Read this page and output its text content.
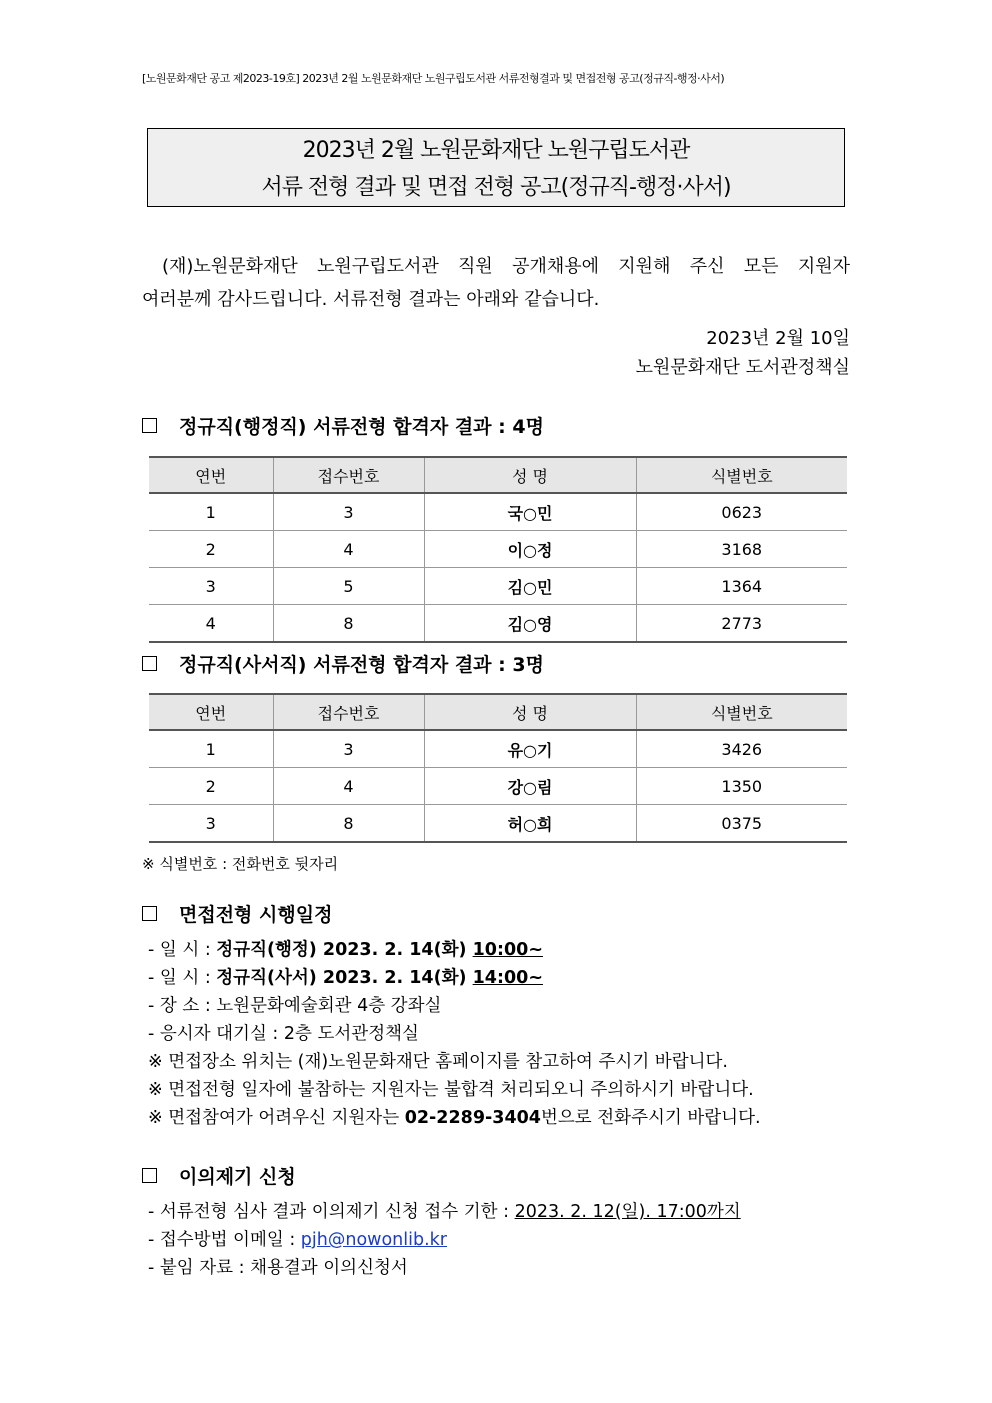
[노원문화재단 공고 제2023-19호] 2023년 2월 노원문화재단 노원구립도서관 서류전형결과 및 면접전형 공고(정규직-행정·사서)
2023년 2월 노원문화재단 노원구립도서관
서류 전형 결과 및 면접 전형 공고(정규직-행정·사서)

(재)노원문화재단 노원구립도서관 직원 공개채용에 지원해 주신 모든 지원자

여러분께 감사드립니다. 서류전형 결과는 아래와 같습니다.

2023년 2월 10일
노원문화재단 도서관정책실
정규직(행정직) 서류전형 합격자 결과 : 4명
연번	접수번호	성 명	식별번호
1	3	국○민	0623
2	4	이○정	3168
3	5	김○민	1364
4	8	김○영	2773
정규직(사서직) 서류전형 합격자 결과 : 3명
연번	접수번호	성 명	식별번호
1	3	유○기	3426
2	4	강○림	1350
3	8	허○희	0375
※ 식별번호 : 전화번호 뒷자리
면접전형 시행일정
- 일 시 : 정규직(행정) 2023. 2. 14(화) 10:00~
- 일 시 : 정규직(사서) 2023. 2. 14(화) 14:00~
- 장 소 : 노원문화예술회관 4층 강좌실
- 응시자 대기실 : 2층 도서관정책실
※ 면접장소 위치는 (재)노원문화재단 홈페이지를 참고하여 주시기 바랍니다.
※ 면접전형 일자에 불참하는 지원자는 불합격 처리되오니 주의하시기 바랍니다.
※ 면접참여가 어려우신 지원자는 02-2289-3404번으로 전화주시기 바랍니다.
이의제기 신청
- 서류전형 심사 결과 이의제기 신청 접수 기한 : 2023. 2. 12(일). 17:00까지
- 접수방법 이메일 : pjh@nowonlib.kr
- 붙임 자료 : 채용결과 이의신청서
